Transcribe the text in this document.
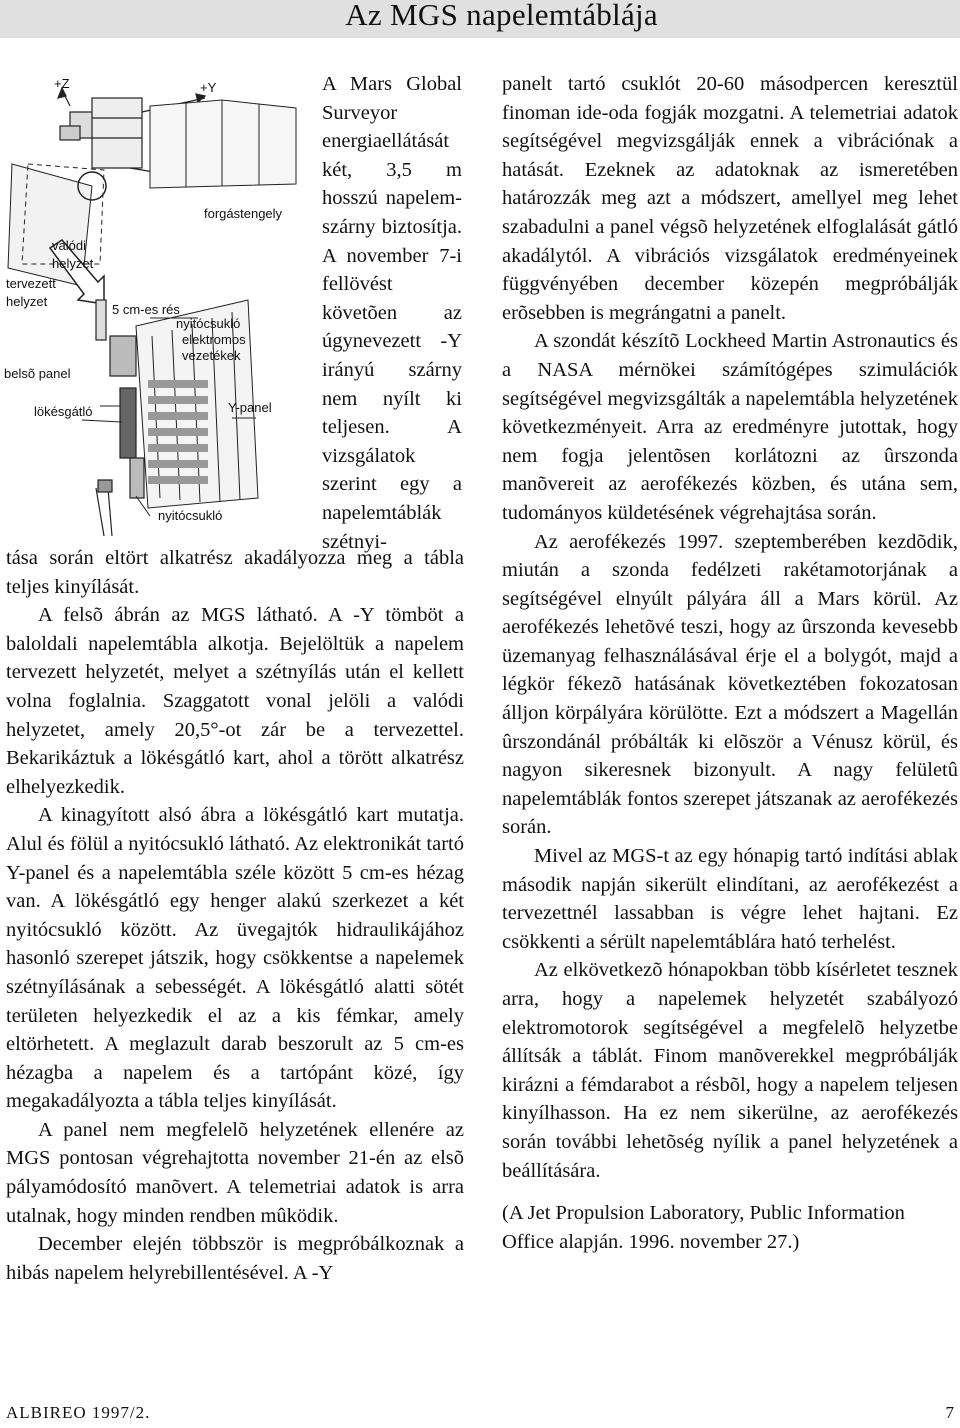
Az MGS napelemtáblája
+Z	+Y
forgástengely
valódi
helyzet
tervezett
helyzet
5 cm-es rés
nyitócsukló
elektromos
vezetékek
belsõ panel
Y-panel
lökésgátló
nyitócsukló

A Mars Global Surveyor energiaellátását két, 3,5 m hosszú napelem-szárny biztosítja. A november 7-i fellövést követõen az úgynevezett -Y irányú szárny nem nyílt ki teljesen. A vizsgálatok szerint egy a napelemtáblák szétnyi-

tása során eltört alkatrész akadályozza meg a tábla teljes kinyílását.

A felsõ ábrán az MGS látható. A -Y tömböt a baloldali napelemtábla alkotja. Bejelöltük a napelem tervezett helyzetét, melyet a szétnyílás után el kellett volna foglalnia. Szaggatott vonal jelöli a valódi helyzetet, amely 20,5°-ot zár be a tervezettel. Bekarikáztuk a lökésgátló kart, ahol a törött alkatrész elhelyezkedik.

A kinagyított alsó ábra a lökésgátló kart mutatja. Alul és fölül a nyitócsukló látható. Az elektronikát tartó Y-panel és a napelemtábla széle között 5 cm-es hézag van. A lökésgátló egy henger alakú szerkezet a két nyitócsukló között. Az üvegajtók hidraulikájához hasonló szerepet játszik, hogy csökkentse a napelemek szétnyílásának a sebességét. A lökésgátló alatti sötét területen helyezkedik el az a kis fémkar, amely eltörhetett. A meglazult darab beszorult az 5 cm-es hézagba a napelem és a tartópánt közé, így megakadályozta a tábla teljes kinyílását.

A panel nem megfelelõ helyzetének ellenére az MGS pontosan végrehajtotta november 21-én az elsõ pályamódosító manõvert. A telemetriai adatok is arra utalnak, hogy minden rendben mûködik.

December elején többször is megpróbálkoznak a hibás napelem helyrebillentésével. A -Y

panelt tartó csuklót 20-60 másodpercen keresztül finoman ide-oda fogják mozgatni. A telemetriai adatok segítségével megvizsgálják ennek a vibrációnak a hatását. Ezeknek az adatoknak az ismeretében határozzák meg azt a módszert, amellyel meg lehet szabadulni a panel végsõ helyzetének elfoglalását gátló akadálytól. A vibrációs vizsgálatok eredményeinek függvényében december közepén megpróbálják erõsebben is megrángatni a panelt.

A szondát készítõ Lockheed Martin Astronautics és a NASA mérnökei számítógépes szimulációk segítségével megvizsgálták a napelemtábla helyzetének következményeit. Arra az eredményre jutottak, hogy nem fogja jelentõsen korlátozni az ûrszonda manõvereit az aerofékezés közben, és utána sem, tudományos küldetésének végrehajtása során.

Az aerofékezés 1997. szeptemberében kezdõdik, miután a szonda fedélzeti rakétamotorjának a segítségével elnyúlt pályára áll a Mars körül. Az aerofékezés lehetõvé teszi, hogy az ûrszonda kevesebb üzemanyag felhasználásával érje el a bolygót, majd a légkör fékezõ hatásának következtében fokozatosan álljon körpályára körülötte. Ezt a módszert a Magellán ûrszondánál próbálták ki elõször a Vénusz körül, és nagyon sikeresnek bizonyult. A nagy felületû napelemtáblák fontos szerepet játszanak az aerofékezés során.

Mivel az MGS-t az egy hónapig tartó indítási ablak második napján sikerült elindítani, az aerofékezést a tervezettnél lassabban is végre lehet hajtani. Ez csökkenti a sérült napelemtáblára ható terhelést.

Az elkövetkezõ hónapokban több kísérletet tesznek arra, hogy a napelemek helyzetét szabályozó elektromotorok segítségével a megfelelõ helyzetbe állítsák a táblát. Finom manõverekkel megpróbálják kirázni a fémdarabot a résbõl, hogy a napelem teljesen kinyílhasson. Ha ez nem sikerülne, az aerofékezés során további lehetõség nyílik a panel helyzetének a beállítására.

(A Jet Propulsion Laboratory, Public Information Office alapján. 1996. november 27.)

ALBIREO 1997/2.	7
